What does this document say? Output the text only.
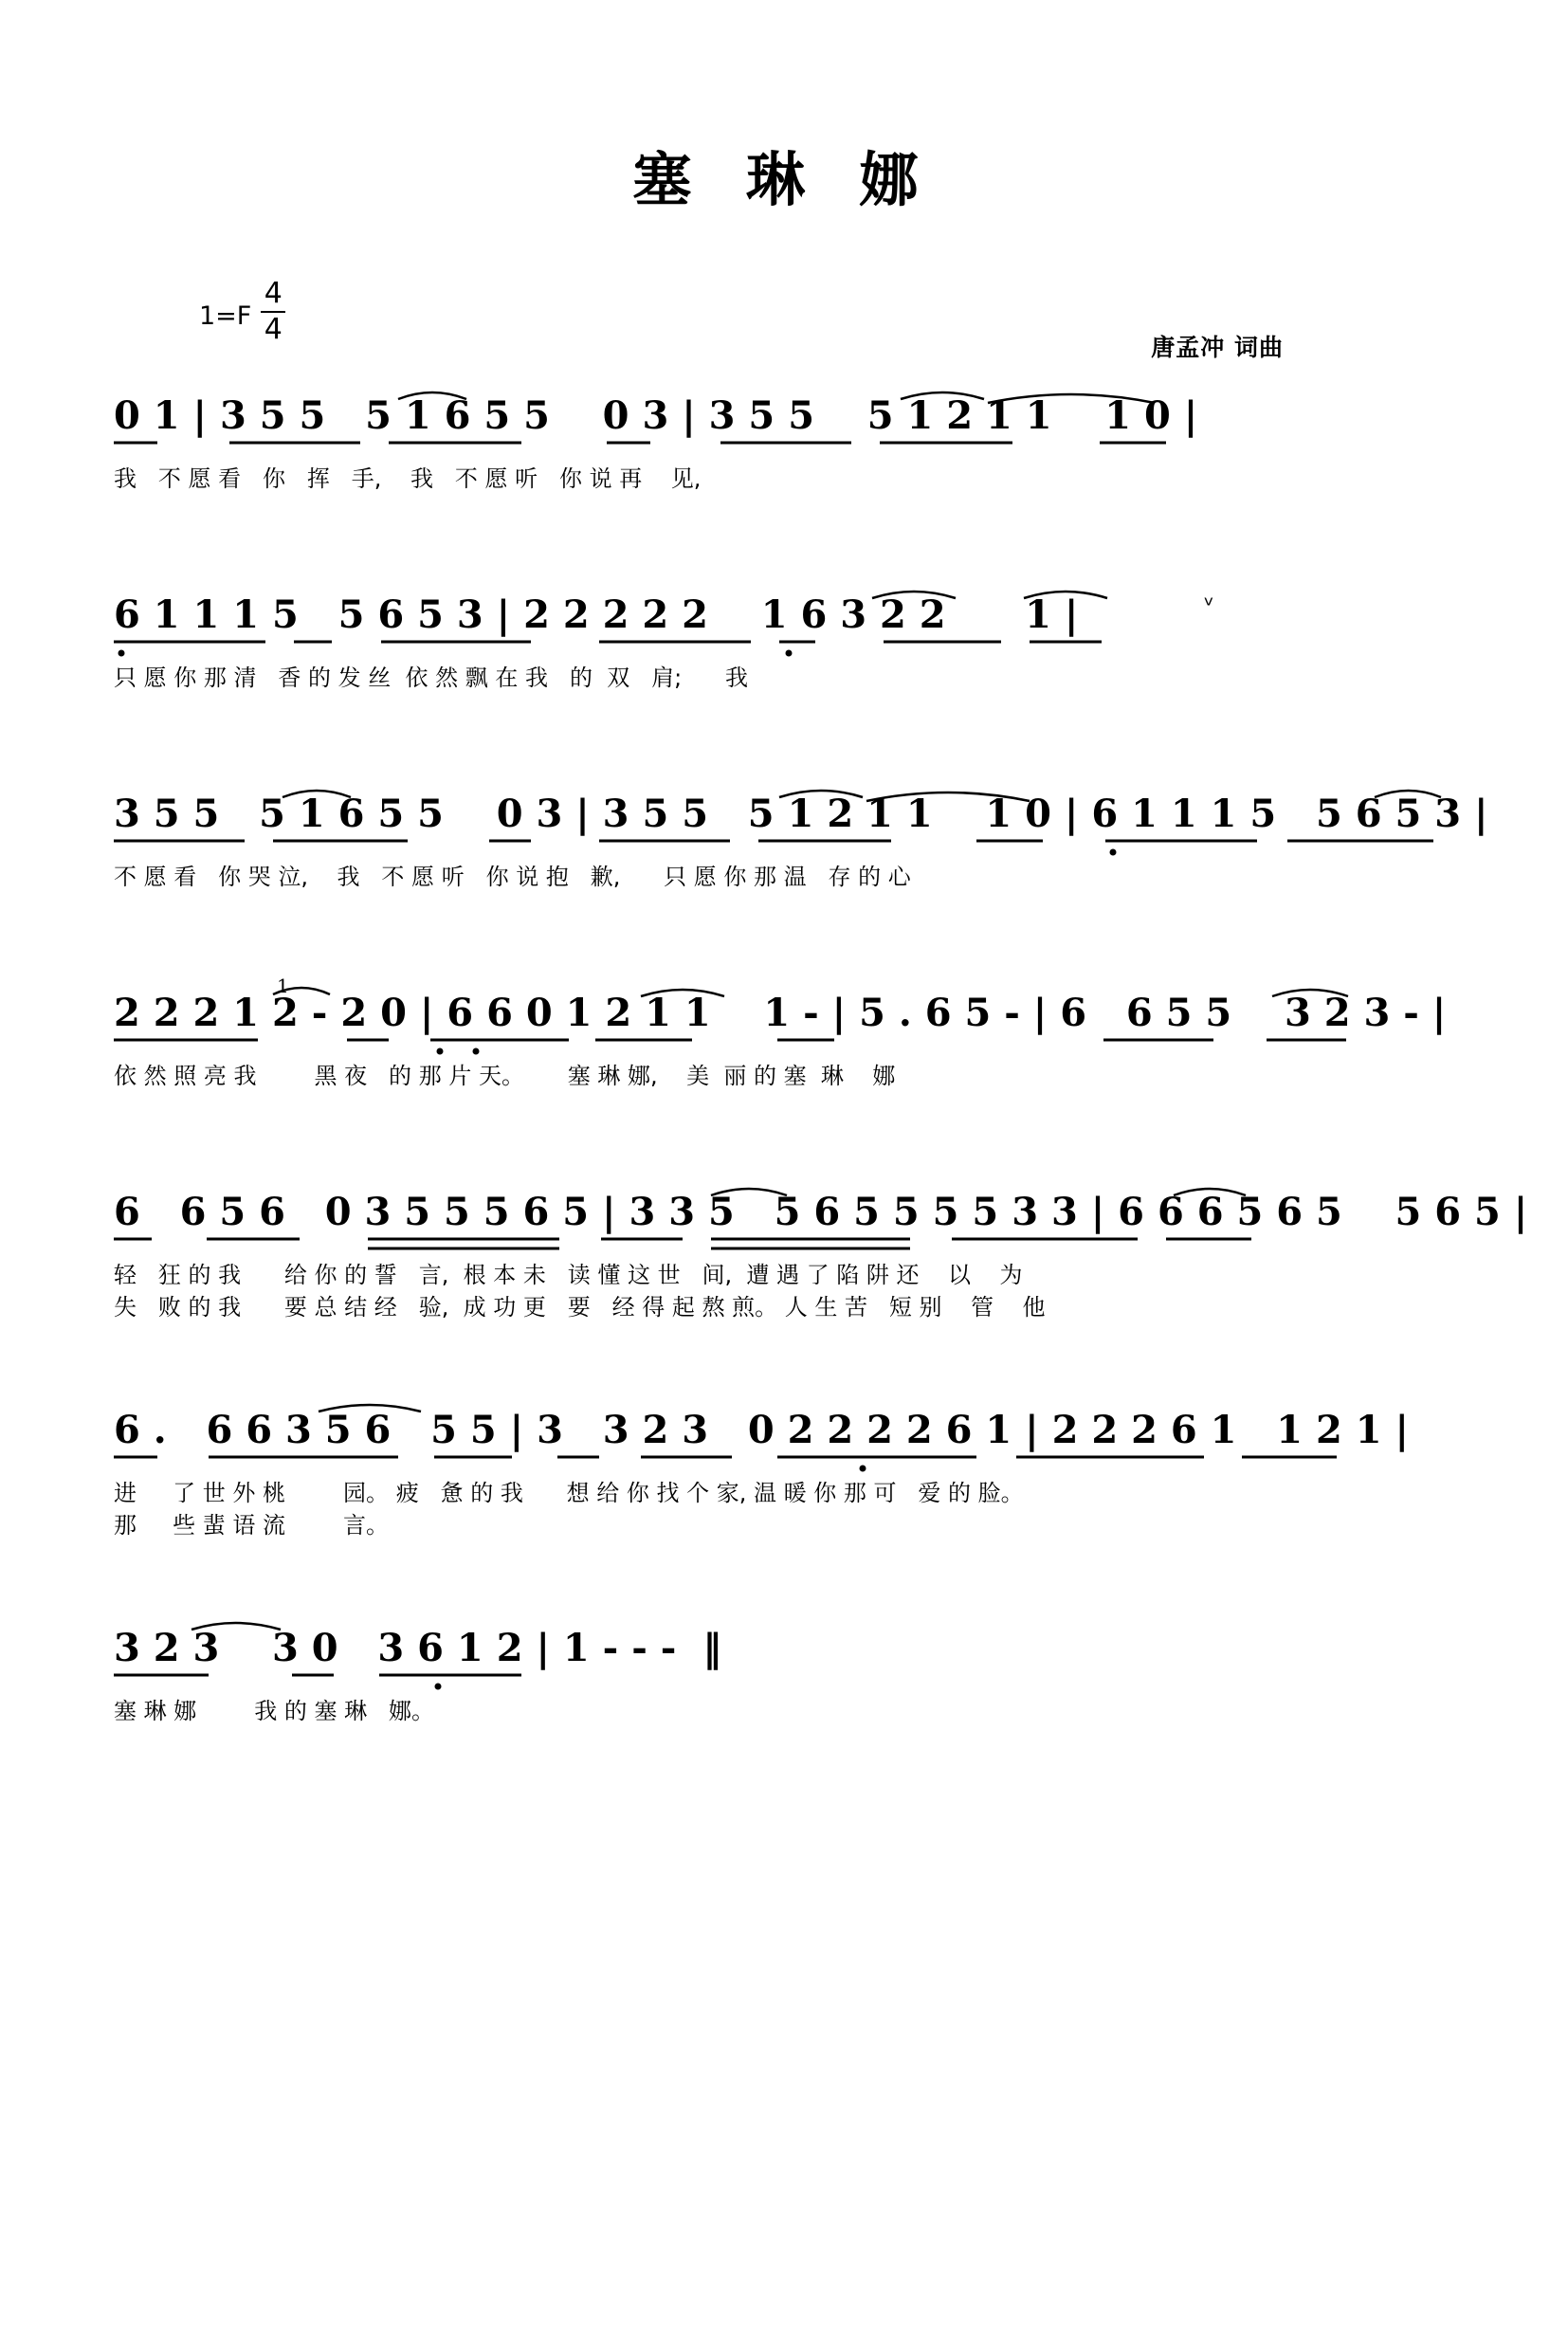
塞 琳 娜
1=F
4
4
唐孟冲 词曲
0 1 | 3 5 5   5 1 6 5 5    0 3 | 3 5 5    5 1 2 1 1    1 0 |
我   不 愿 看   你   挥   手,    我   不 愿 听   你 说 再    见,
6 1 1 1 5   5 6 5 3 | 2 2 2 2 2    1 6 3 2 2      1 |	ᵛ
只 愿 你 那 清   香 的 发 丝  依 然 飘 在 我   的  双   肩;      我
3 5 5   5 1 6 5 5    0 3 | 3 5 5   5 1 2 1 1    1 0 | 6 1 1 1 5   5 6 5 3 |
不 愿 看   你 哭 泣,    我   不 愿 听   你 说 抱   歉,      只 愿 你 那 温   存 的 心
2 2 2 1 2 - 2 0 | 6 6 0 1 2 1 1    1 - | 5 . 6 5 - | 6   6 5 5    3 2 3 - |
1
依 然 照 亮 我        黑 夜   的 那 片 天。      塞 琳 娜,    美  丽 的 塞  琳    娜
6   6 5 6   0 3 5 5 5 6 5 | 3 3 5   5 6 5 5 5 5 3 3 | 6 6 6 5 6 5    5 6 5 |
轻   狂 的 我      给 你 的 誓   言,  根 本 未   读 懂 这 世   间,  遭 遇 了 陷 阱 还    以    为
失   败 的 我      要 总 结 经   验,  成 功 更   要   经 得 起 熬 煎。 人 生 苦   短 别    管    他
6 .   6 6 3 5 6   5 5 | 3   3 2 3   0 2 2 2 2 6 1 | 2 2 2 6 1   1 2 1 |
进     了 世 外 桃        园。 疲   惫 的 我      想 给 你 找 个 家, 温 暖 你 那 可   爱 的 脸。
那     些 蜚 语 流        言。
3 2 3    3 0   3 6 1 2 | 1 - - -  ‖
塞 琳 娜        我 的 塞 琳   娜。
